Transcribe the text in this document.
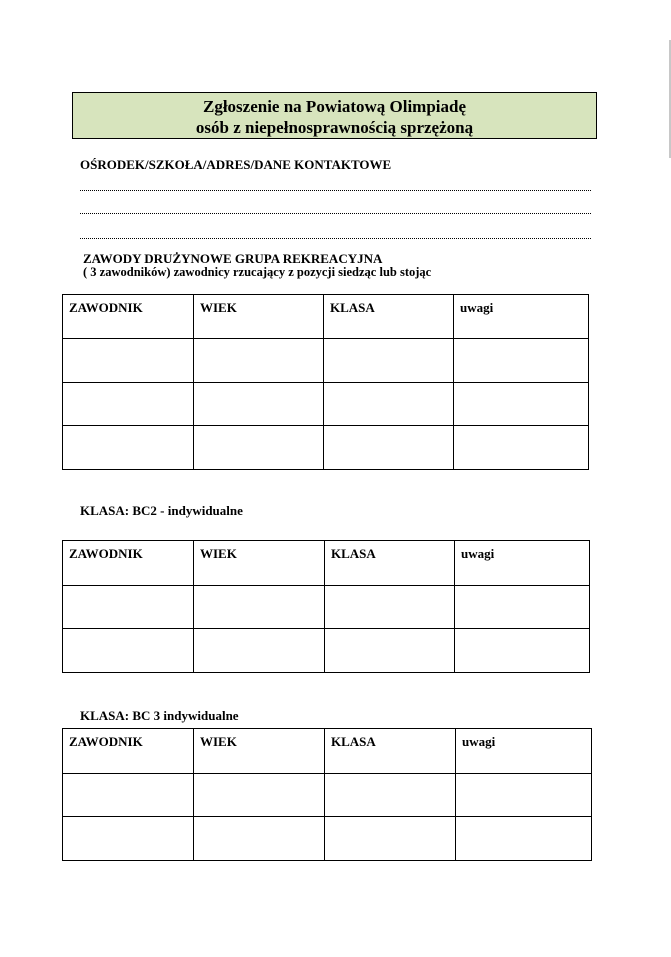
Zgłoszenie na Powiatową Olimpiadę
osób z niepełnosprawnością sprzężoną
OŚRODEK/SZKOŁA/ADRES/DANE KONTAKTOWE
ZAWODY DRUŻYNOWE GRUPA REKREACYJNA
( 3 zawodników) zawodnicy rzucający z pozycji siedząc lub stojąc
ZAWODNIK	WIEK	KLASA	uwagi

KLASA: BC2 - indywidualne
ZAWODNIK	WIEK	KLASA	uwagi

KLASA: BC 3 indywidualne
ZAWODNIK	WIEK	KLASA	uwagi
